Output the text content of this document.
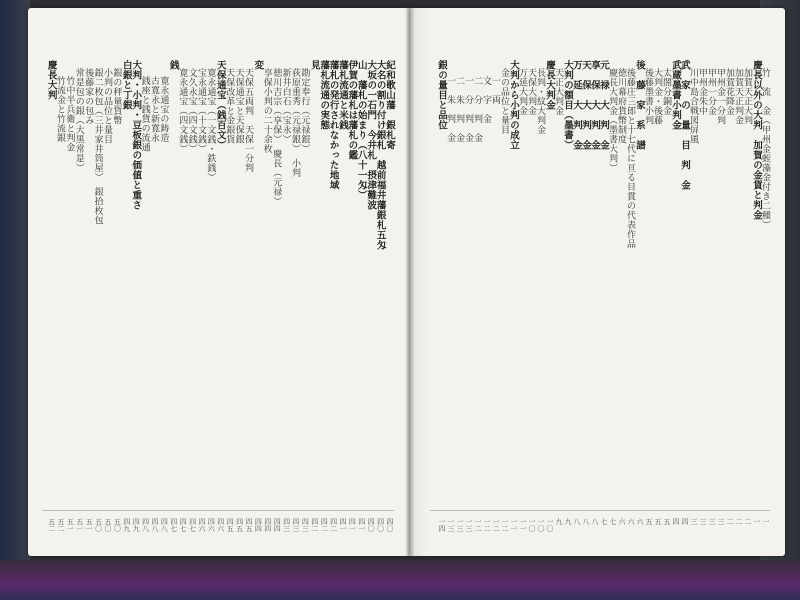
紀和歌山藩　銀札寄
四〇
大名の割り付け銀札　越前福井藩銀札五匁
四〇
大坂の一石門　今井札　摂津難波
四〇
山　藩札の始まり（八十一匁）
四一
伊賀の藩札は藩札の鑑
四一
藩札流通と米銭
四一
藩札の発行されなかった地域
四二
藩札流通の実態
四二
見
四二
勘定奉行（元禄銀）
四三
荻原重秀（元禄銀）　小判
四三
新井白石（宝永）
四三
徳川吉宗（享保）　慶長（元禄）
四四
享保小判の二十余枚
四四
変
四四
天保五両判　天保一分判
四五
天保通宝と天保銀
四五
天保改革と金銀貨
四五
天保通宝（銭百文）
四六
寛永通宝（一文銭・鉄銭）
四六
宝永通宝（十文銭）
四六
文久永宝（四文銭）
四七
寛永通宝（四文銭）
四七
銭
四七
寛永通宝の鋳造
四八
古寛永と新寛永
四八
銭座と銭貨の流通
四八
大判・小判・豆板銀の価値と重さ
四九
白銀と丁銀
四九
銀の秤量貨幣
五〇
小判の品位と量目
五〇
銀二枚包（三井家井筒屋）　銀拾枚包
五〇
後藤家の包み
五一
常是包の銀（大黒常是）
五一
竹中半兵衛と判金
五一
竹流金と竹流銀
五二
慶長大判
五二
竹　流　金（甲州金蛭藻金付き二種）
一
慶長以外の大判　加賀の金貨と判金
一
加賀天正大判
二
加賀天正判金
二
加賀花降金
二
甲州金一分判
三
甲州一分金
三
甲州金朱中
三
川中島合戦図屏風
三
武　家　の　量　目　判　金
四
武蔵墨書小判金
四
太閤分銅金
五
大判金・後藤
五
後藤墨書小判
五
後　藤　家　系　譜
六
後藤庄三郎と十七代に亘る目貫の代表作品
六
徳川幕府貨幣制度
六
慶長大判金（墨書大判）
七
元　禄　大　判　金
七
享　保　大　判　金
八
天　保　大　判　金
八
万　延　大　判　金
八
大判の額目（墨書）
九
天正大判金
九
慶長大判金
一〇
長判・紋大判金
一〇
天保大判金
一〇
万延大判金
一一
大判から小判の成立
一一
金の品位と量目
一二
一　両
一二
文　字　金
一二
二　分　判　金
一二
一　分　判　金
一三
二　朱　判　金
一三
一　朱　判　金
一三
銀の量目と品位
一四
